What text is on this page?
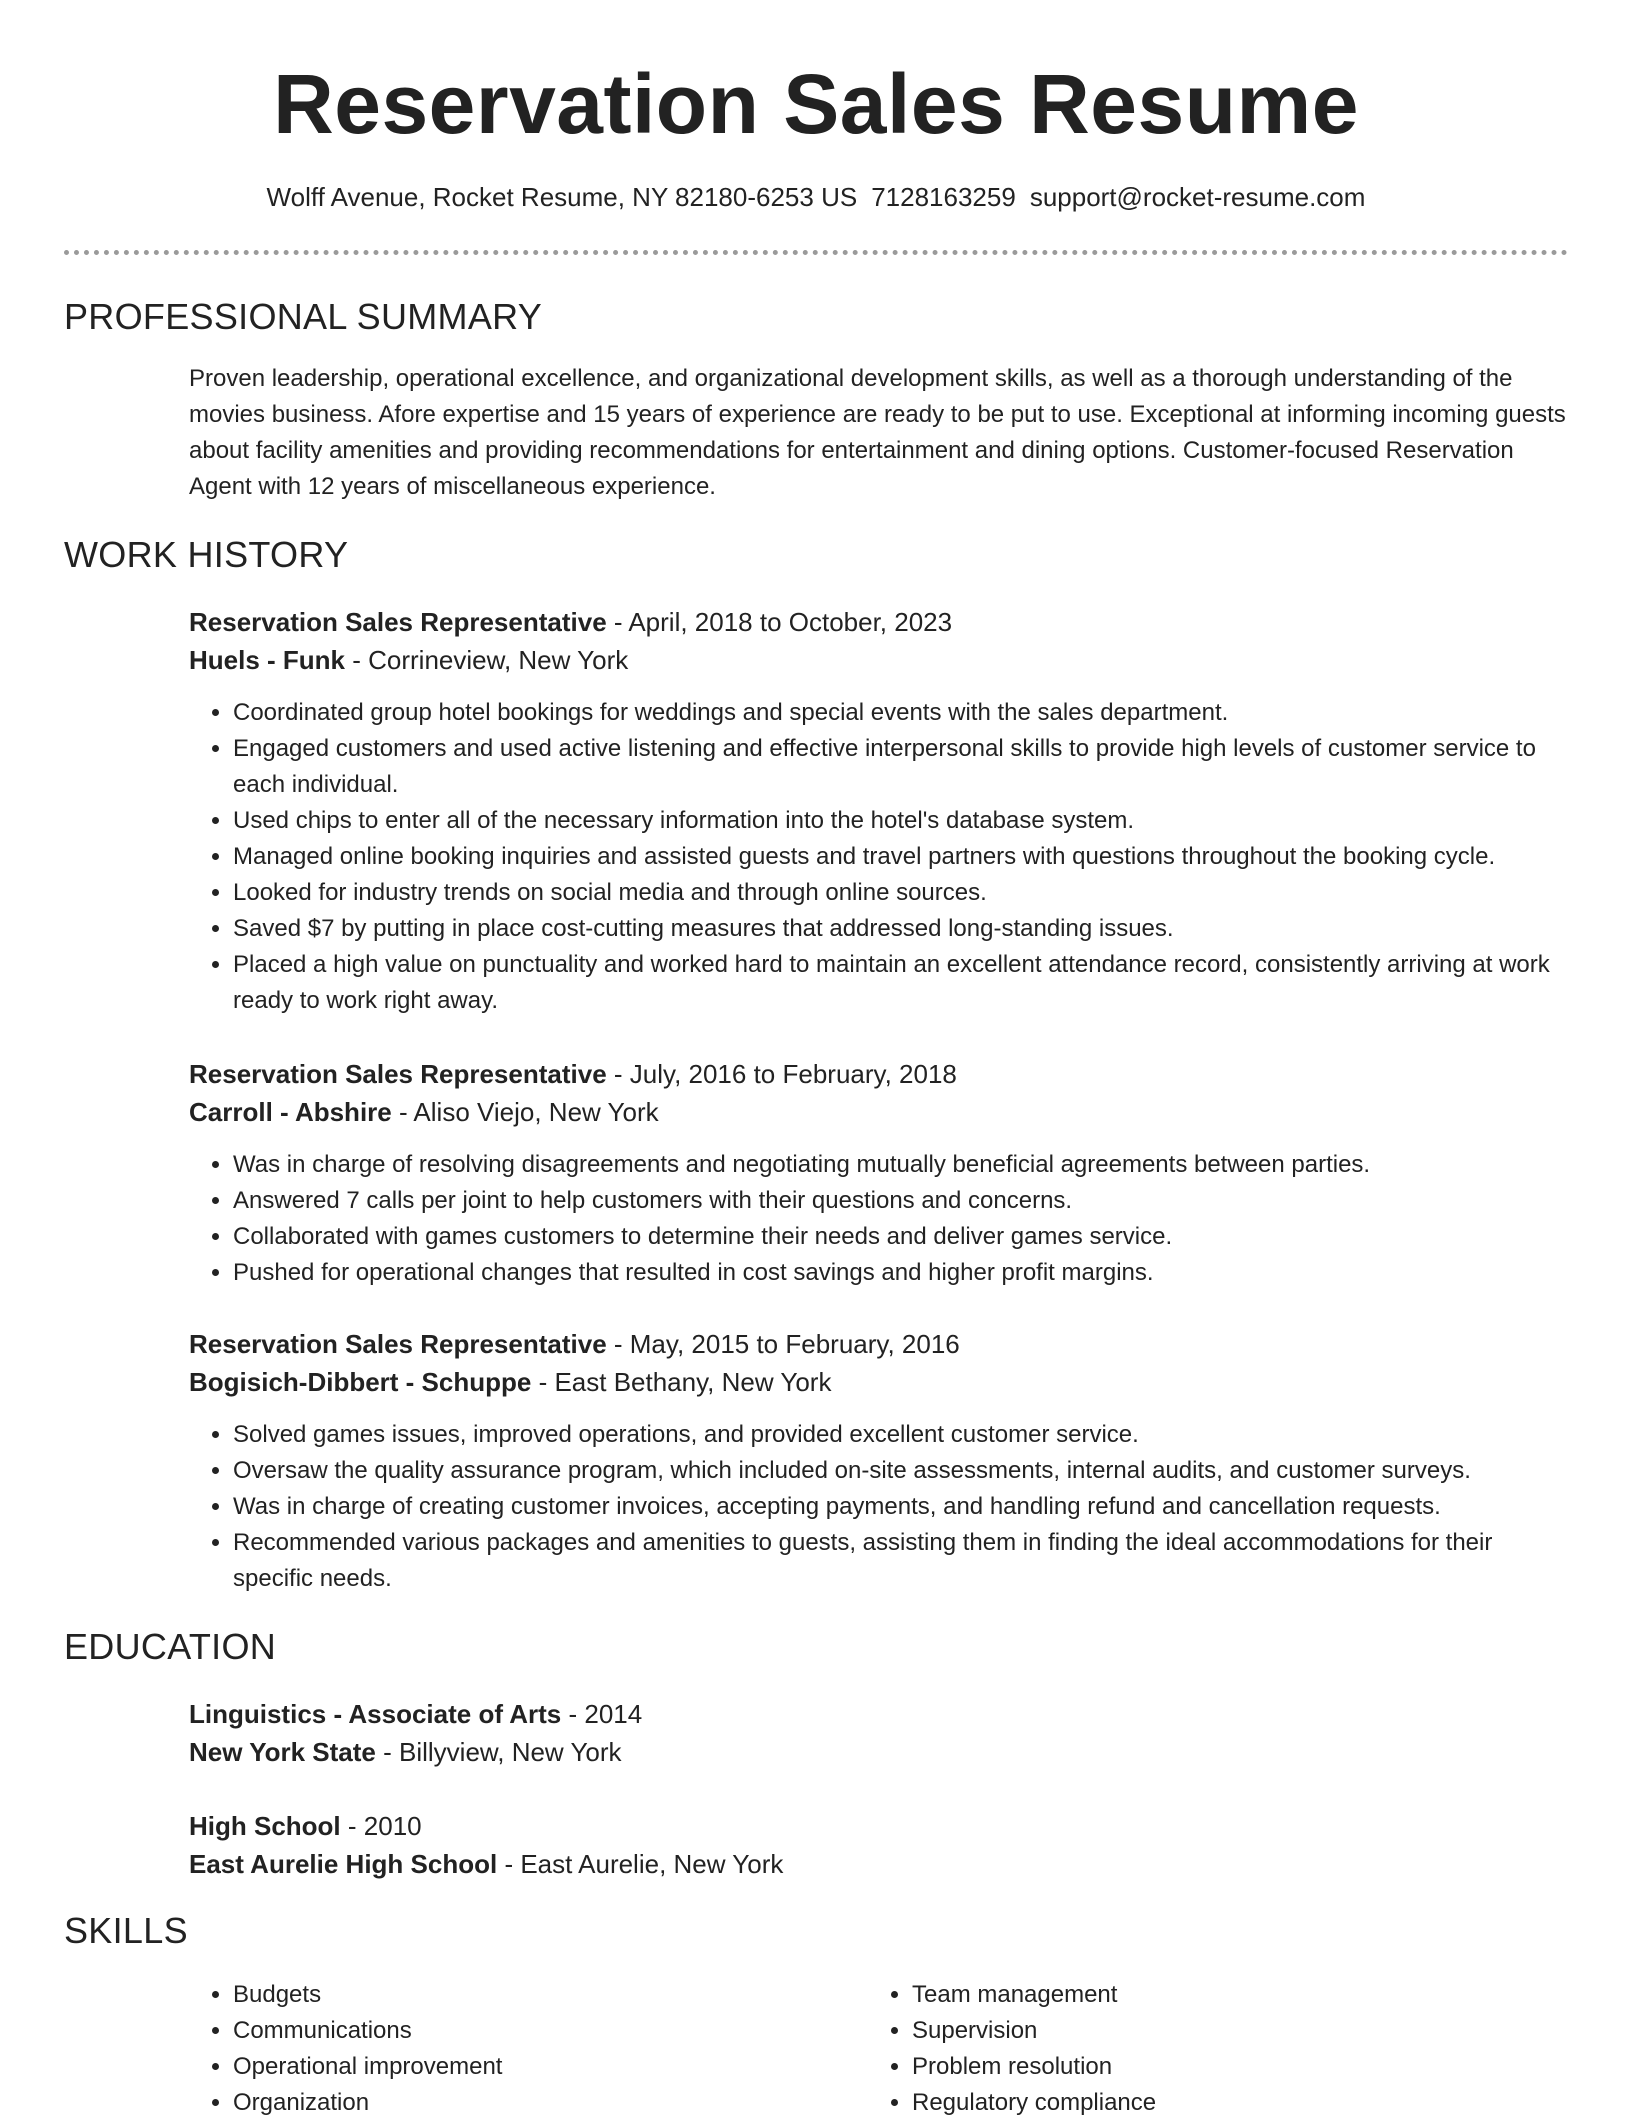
Reservation Sales Resume
Wolff Avenue, Rocket Resume, NY 82180-6253 US 7128163259 support@rocket-resume.com
PROFESSIONAL SUMMARY
Proven leadership, operational excellence, and organizational development skills, as well as a thorough understanding of the movies business. Afore expertise and 15 years of experience are ready to be put to use. Exceptional at informing incoming guests about facility amenities and providing recommendations for entertainment and dining options. Customer-focused Reservation Agent with 12 years of miscellaneous experience.
WORK HISTORY
Reservation Sales Representative - April, 2018 to October, 2023
Huels - Funk - Corrineview, New York
• Coordinated group hotel bookings for weddings and special events with the sales department.
• Engaged customers and used active listening and effective interpersonal skills to provide high levels of customer service to each individual.
• Used chips to enter all of the necessary information into the hotel's database system.
• Managed online booking inquiries and assisted guests and travel partners with questions throughout the booking cycle.
• Looked for industry trends on social media and through online sources.
• Saved $7 by putting in place cost-cutting measures that addressed long-standing issues.
• Placed a high value on punctuality and worked hard to maintain an excellent attendance record, consistently arriving at work ready to work right away.
Reservation Sales Representative - July, 2016 to February, 2018
Carroll - Abshire - Aliso Viejo, New York
• Was in charge of resolving disagreements and negotiating mutually beneficial agreements between parties.
• Answered 7 calls per joint to help customers with their questions and concerns.
• Collaborated with games customers to determine their needs and deliver games service.
• Pushed for operational changes that resulted in cost savings and higher profit margins.
Reservation Sales Representative - May, 2015 to February, 2016
Bogisich-Dibbert - Schuppe - East Bethany, New York
• Solved games issues, improved operations, and provided excellent customer service.
• Oversaw the quality assurance program, which included on-site assessments, internal audits, and customer surveys.
• Was in charge of creating customer invoices, accepting payments, and handling refund and cancellation requests.
• Recommended various packages and amenities to guests, assisting them in finding the ideal accommodations for their specific needs.
EDUCATION
Linguistics - Associate of Arts - 2014
New York State - Billyview, New York
High School - 2010
East Aurelie High School - East Aurelie, New York
SKILLS
• Budgets
• Communications
• Operational improvement
• Organization
• Team management
• Supervision
• Problem resolution
• Regulatory compliance
